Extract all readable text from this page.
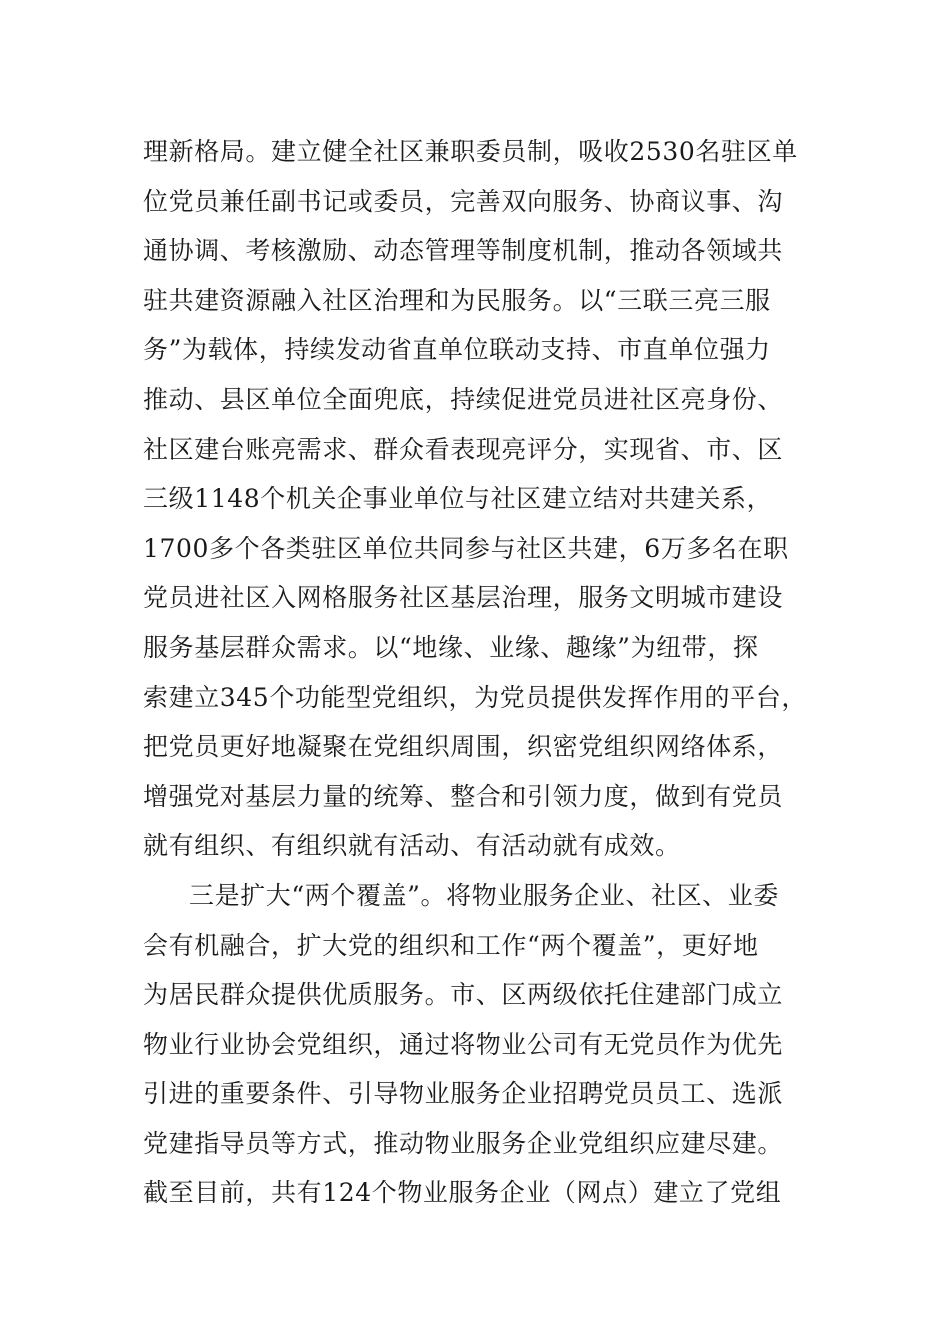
理新格局。建立健全社区兼职委员制，吸收2530名驻区单
位党员兼任副书记或委员，完善双向服务、协商议事、沟
通协调、考核激励、动态管理等制度机制，推动各领域共
驻共建资源融入社区治理和为民服务。以“三联三亮三服
务”为载体，持续发动省直单位联动支持、市直单位强力
推动、县区单位全面兜底，持续促进党员进社区亮身份、
社区建台账亮需求、群众看表现亮评分，实现省、市、区
三级1148个机关企事业单位与社区建立结对共建关系，
1700多个各类驻区单位共同参与社区共建，6万多名在职
党员进社区入网格服务社区基层治理，服务文明城市建设
服务基层群众需求。以“地缘、业缘、趣缘”为纽带，探
索建立345个功能型党组织，为党员提供发挥作用的平台，
把党员更好地凝聚在党组织周围，织密党组织网络体系，
增强党对基层力量的统筹、整合和引领力度，做到有党员
就有组织、有组织就有活动、有活动就有成效。
三是扩大“两个覆盖”。将物业服务企业、社区、业委
会有机融合，扩大党的组织和工作“两个覆盖”，更好地
为居民群众提供优质服务。市、区两级依托住建部门成立
物业行业协会党组织，通过将物业公司有无党员作为优先
引进的重要条件、引导物业服务企业招聘党员员工、选派
党建指导员等方式，推动物业服务企业党组织应建尽建。
截至目前，共有124个物业服务企业（网点）建立了党组
